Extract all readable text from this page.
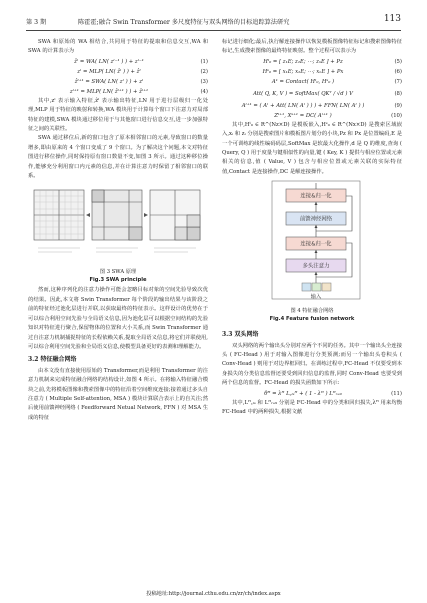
第 3 期	陈霍霍;融合 Swin Transformer 多尺度特征与双头网络的目标追踪算法研究	113

SWA 和原始的 WA 相结合,共同用于特征的提取和信息交互,WA 和 SWA 的计算表示为

ẑˡ = WA( LN( zˡ⁻¹ ) ) + zˡ⁻¹	(1)
zˡ = MLP( LN( ẑˡ ) ) + ẑˡ	(2)
ẑˡ⁺¹ = SWA( LN( zˡ ) ) + zˡ	(3)
zˡ⁺¹ = MLP( LN( ẑˡ⁺¹ ) ) + ẑˡ⁺¹	(4)

其中,zˡ 表示输入特征,ẑˡ 表示输出特征,LN 用于进行层级归一化处理,MLP 用于特征的映射和转换,WA 模块用于计算每个窗口下注意力对局部特征的建模,SWA 模块通过移位用于与其他窗口进行信息交互,进一步加强特征之间的关联性。

SWA 通过移位后,新的窗口包含了原本相邻窗口的元素,导致窗口的数量增多,即由原来的 4 个窗口变成了 9 个窗口。为了解决这个问题,本文对特征图进行移位操作,同时保持原有窗口数量不变,如图 3 所示。通过这种移位操作,能够充分利用窗口内元素的信息,并在计算注意力时保留了相邻窗口的联系。

图 3 SWA 原理
Fig.3 SWA principle

然而,这种序列化的注意力操作可能会忽略目标对象的空间先验导致次优的结果。因此,本文将 Swin Transformer 每个阶段的输出结果与该阶段之前的特征经过池化层进行并联,以获取最终的特征表示。这样设计的优势在于可以综合利用空间先验与全局语义信息,因为池化层可以根据空间结构的先验知识对特征进行聚合,保留物体的位置和大小关系,而 Swin Transformer 通过自注意力机制捕捉特征的长程依赖关系,提取全局语义信息,将它们并联使用,可以综合利用空间先验和全局语义信息,使模型具备更好的表测和理解能力。

3.2 特征融合网络

由本文没有直接使用原始的 Transformer,而是利用 Transformer 的注意力机制来完成特征融合网络的结构设计,如图 4 所示。在将输入特征融合模块之前,先将模板图像和搜索图像中的特征沿着空间维度连接;接着通过多头自注意力 ( Multiple Self-attention, MSA ) 模块计算联合表示上的自关注;然后使用前馈神经网络 ( Feedforward Netual Network, FFN ) 对 MSA 生成的特征

标记进行细化;最后,执行解连接操作以恢复模板图像特征标记和搜索图像特征标记,生成搜索图像的最终特征映射。整个过程可以表示为

Hᵗ₀ = [ z₁E; z₂E; ⋯; zₙE ] + Pz	(5)
Hˢ₀ = [ x₁E; x₂E; ⋯; xₙE ] + Px	(6)
A¹ = Contact( Hᵗ₀, Hˢ₀ )	(7)
Att( Q, K, V ) = SoftMax( QKᵀ / √d ) V	(8)
Aˡ⁺¹ = ( Aˡ + Att( LN( Aˡ ) ) ) + FFN( LN( Aˡ ) )	(9)
Zᵗ⁺¹, Xˢ⁺¹ = DC( Aˡ⁺¹ )	(10)

其中,Hᵗ₀ ∈ R^(Nz×D) 是模板嵌入,Hˢ₀ ∈ R^(Nx×D) 是搜索区域嵌入,xᵢ 和 zᵢ 分别是搜索图片和模板图片划分的小块,Pz 和 Px 是位置编码,E 是一个可训练的线性编码码层,SoftMax 是软最大化操作,d 是 Q 的维度,查询 ( Query, Q ) 用于度量与键相似性的向量,键 ( Key, K ) 提供与相应位置或元素相关的信息,值 ( Value, V ) 包含与相应位置或元素关联的实际特征值,Contact 是连接操作,DC 是解连接操作。

连接&归一化
前馈神经网络
连接&归一化
多头注意力
输入
图 4 特征融合网络
Fig.4 Feature fusion network
3.3 双头网络

双头网络的两个输出头分别对应两个不同的任务。其中一个输出头全连接头 ( FC-Head ) 用于对输入图像进行分类预测;而另一个输出头卷积头 ( Conv-Head ) 则用于对边界框回归。在训练过程中,FC-Head 不仅要受到本身损失的分类信息监督还要受到回归信息的监督,同时 Conv-Head 也要受到两个信息的监督。FC-Head 的损失函数如下所示:

θᴴ = λᴴ L꜀ₗₛᴴ + ( 1 - λᴴ ) Lᴴᵣₑ₉	(11)

其中,Lᴴ꜀ₗₛ 和 Lᴴᵣₑ₉ 分别是 FC-Head 中的分类和回归损失,λᴴ 用来均衡 FC-Head 中的两种损失,根据文献

投稿地址:http://journal.cthu.edu.cn/zr/ch/index.aspx
